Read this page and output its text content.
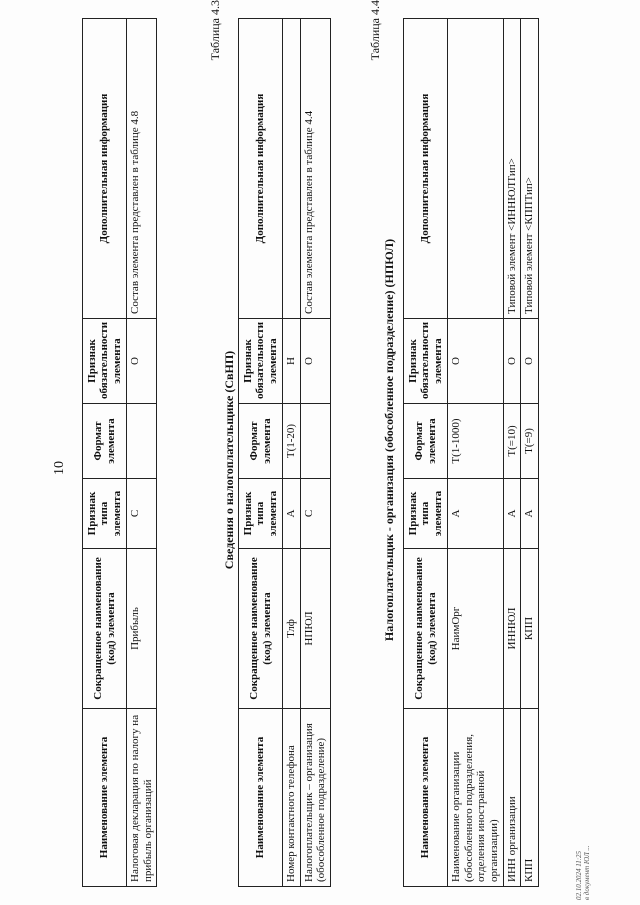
10
Наименование элемента	Сокращенное наименование (код) элемента	Признак типа элемента	Формат элемента	Признак обязательности элемента	Дополнительная информация
Налоговая декларация по налогу на прибыль организаций	Прибыль	С		О	Состав элемента представлен в таблице 4.8
Таблица 4.3
Сведения о налогоплательщике (СвНП)
Наименование элемента	Сокращенное наименование (код) элемента	Признак типа элемента	Формат элемента	Признак обязательности элемента	Дополнительная информация
Номер контактного телефона	Тлф	А	T(1-20)	Н	
Налогоплательщик – организация (обособленное подразделение)	НПЮЛ	С		О	Состав элемента представлен в таблице 4.4
Таблица 4.4
Налогоплательщик - организация (обособленное подразделение) (НПЮЛ)
Наименование элемента	Сокращенное наименование (код) элемента	Признак типа элемента	Формат элемента	Признак обязательности элемента	Дополнительная информация
Наименование организации (обособленного подразделения, отделения иностранной организации)	НаимОрг	А	T(1-1000)	О	
ИНН организации	ИННЮЛ	А	T(=10)	О	Типовой элемент <ИННЮЛТип>
КПП	КПП	А	T(=9)	О	Типовой элемент <КППТип>
02.10.2024 11:25 в документ ЮЛ ...
